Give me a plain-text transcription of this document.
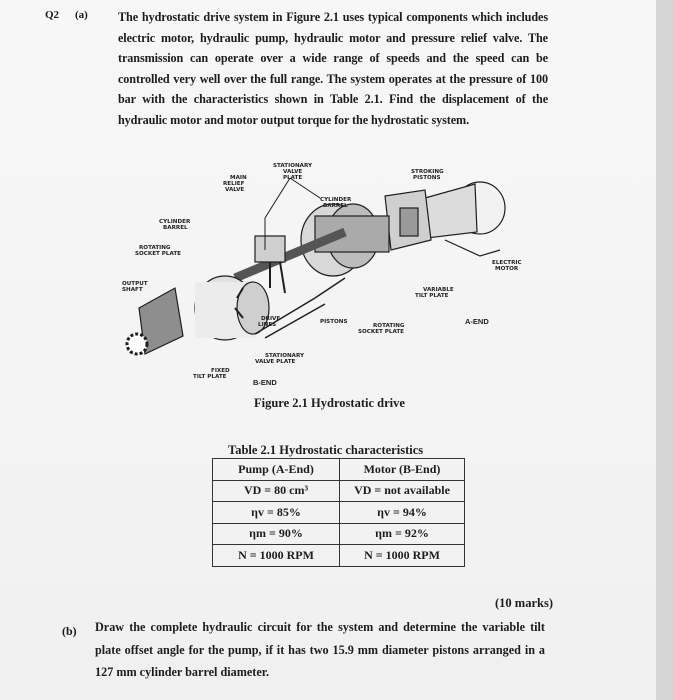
Q2 (a) The hydrostatic drive system in Figure 2.1 uses typical components which includes electric motor, hydraulic pump, hydraulic motor and pressure relief valve. The transmission can operate over a wide range of speeds and the speed can be controlled very well over the full range. The system operates at the pressure of 100 bar with the characteristics shown in Table 2.1. Find the displacement of the hydraulic motor and motor output torque for the hydrostatic system.
STATIONARY VALVE PLATE
MAIN RELIEF VALVE
STROKING PISTONS
CYLINDER BARREL
CYLINDER BARREL
ROTATING SOCKET PLATE
ELECTRIC MOTOR
OUTPUT SHAFT	VARIABLE TILT PLATE
A-END
DRIVE LINES	PISTONS
ROTATING SOCKET PLATE
STATIONARY VALVE PLATE
FIXED TILT PLATE
B-END
Figure 2.1 Hydrostatic drive
Table 2.1 Hydrostatic characteristics
Pump (A-End)	Motor (B-End)
VD = 80 cm³	VD = not available
ηv = 85%	ηv = 94%
ηm = 90%	ηm = 92%
N = 1000 RPM	N = 1000 RPM
(10 marks)
(b) Draw the complete hydraulic circuit for the system and determine the variable tilt plate offset angle for the pump, if it has two 15.9 mm diameter pistons arranged in a 127 mm cylinder barrel diameter.
